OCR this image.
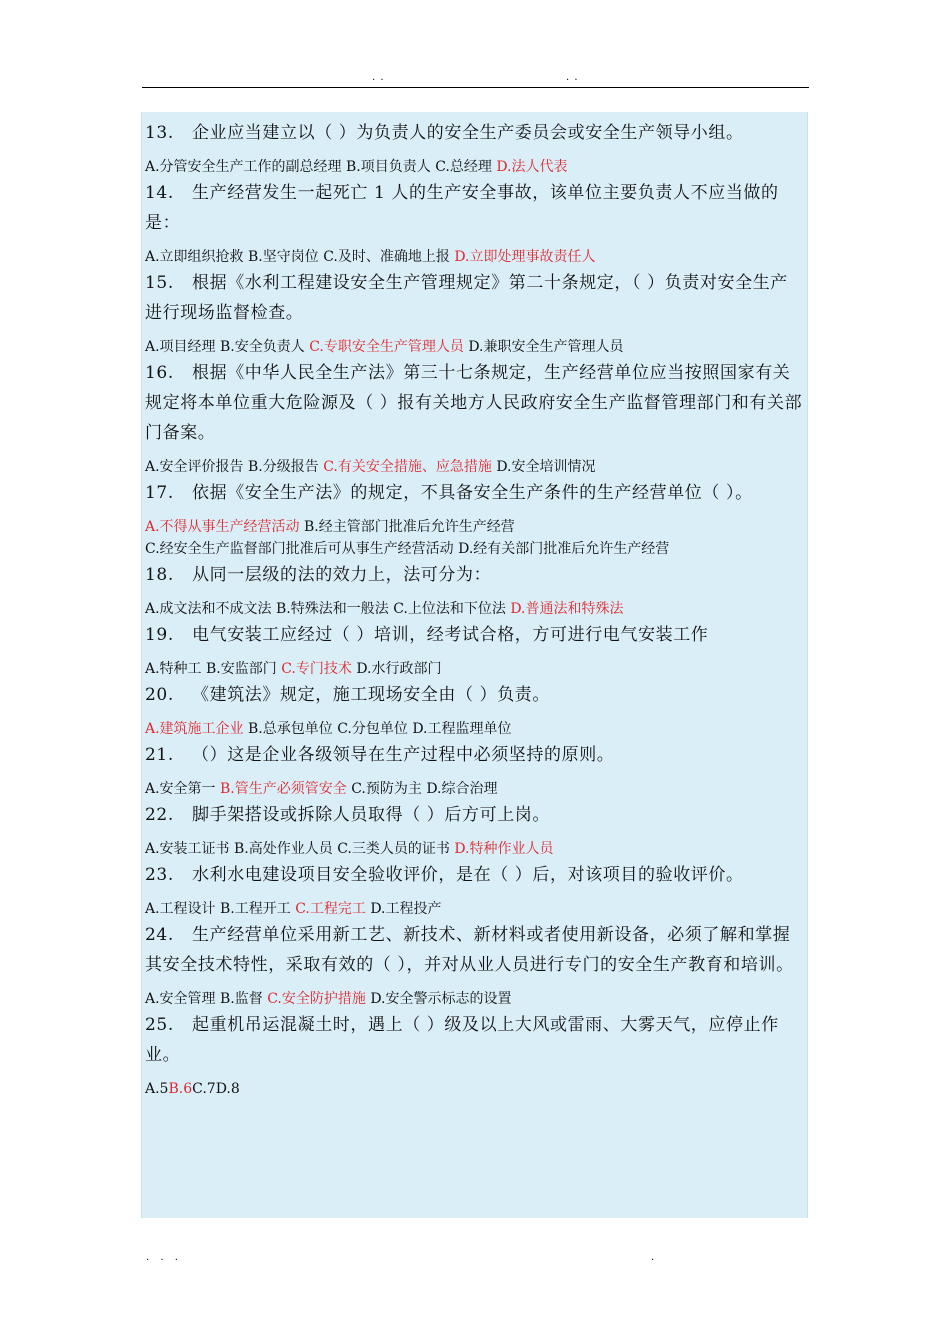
. .	. .

13. 企业应当建立以（ ）为负责人的安全生产委员会或安全生产领导小组。

A.分管安全生产工作的副总经理 B.项目负责人 C.总经理 D.法人代表

14. 生产经营发生一起死亡 1 人的生产安全事故，该单位主要负责人不应当做的是：

A.立即组织抢救 B.坚守岗位 C.及时、准确地上报 D.立即处理事故责任人

15. 根据《水利工程建设安全生产管理规定》第二十条规定，（ ）负责对安全生产进行现场监督检查。

A.项目经理 B.安全负责人 C.专职安全生产管理人员 D.兼职安全生产管理人员

16. 根据《中华人民全生产法》第三十七条规定，生产经营单位应当按照国家有关规定将本单位重大危险源及（ ）报有关地方人民政府安全生产监督管理部门和有关部门备案。

A.安全评价报告 B.分级报告 C.有关安全措施、应急措施 D.安全培训情况

17. 依据《安全生产法》的规定，不具备安全生产条件的生产经营单位（ ）。

A.不得从事生产经营活动 B.经主管部门批准后允许生产经营

C.经安全生产监督部门批准后可从事生产经营活动 D.经有关部门批准后允许生产经营

18. 从同一层级的法的效力上，法可分为：

A.成文法和不成文法 B.特殊法和一般法 C.上位法和下位法 D.普通法和特殊法

19. 电气安装工应经过（ ）培训，经考试合格，方可进行电气安装工作

A.特种工 B.安监部门 C.专门技术 D.水行政部门

20. 《建筑法》规定，施工现场安全由（ ）负责。

A.建筑施工企业 B.总承包单位 C.分包单位 D.工程监理单位

21. （）这是企业各级领导在生产过程中必须坚持的原则。

A.安全第一 B.管生产必须管安全 C.预防为主 D.综合治理

22. 脚手架搭设或拆除人员取得（ ）后方可上岗。

A.安装工证书 B.高处作业人员 C.三类人员的证书 D.特种作业人员

23. 水利水电建设项目安全验收评价，是在（ ）后，对该项目的验收评价。

A.工程设计 B.工程开工 C.工程完工 D.工程投产

24. 生产经营单位采用新工艺、新技术、新材料或者使用新设备，必须了解和掌握其安全技术特性，采取有效的（ ），并对从业人员进行专门的安全生产教育和培训。

A.安全管理 B.监督 C.安全防护措施 D.安全警示标志的设置

25. 起重机吊运混凝土时，遇上（ ）级及以上大风或雷雨、大雾天气，应停止作业。

A.5B.6C.7D.8

. . .	.
